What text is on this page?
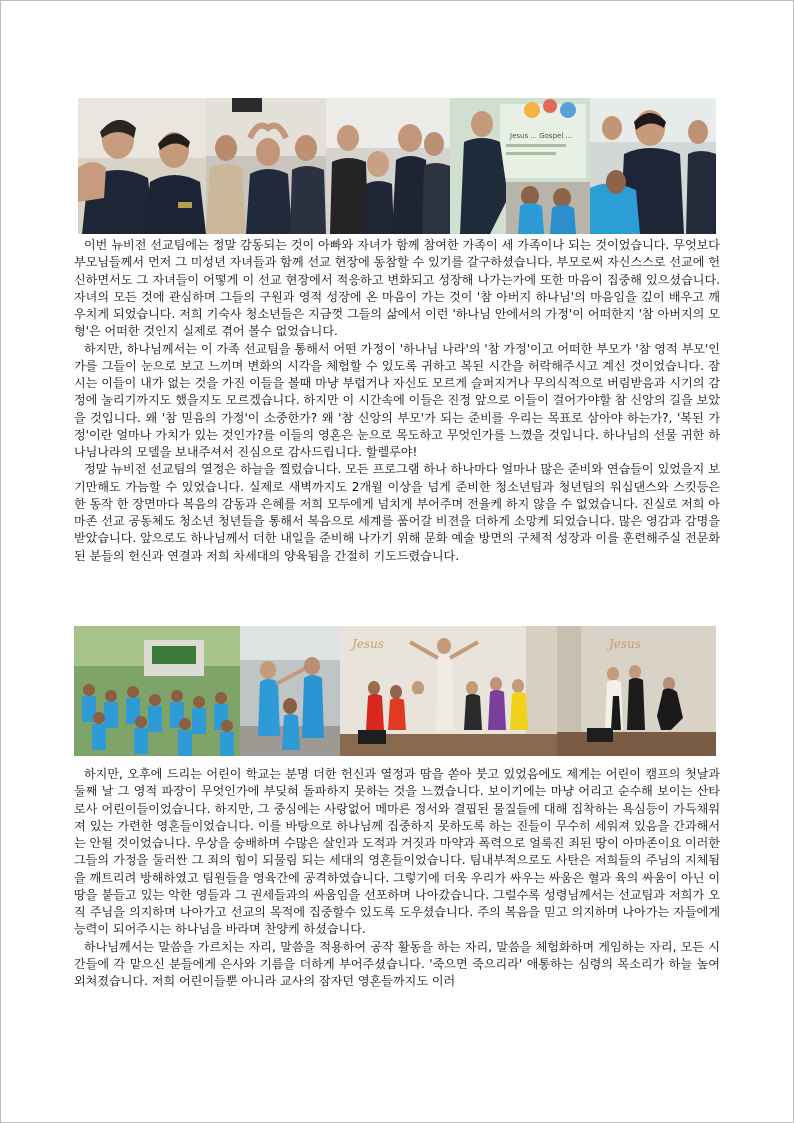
Jesus ... Gospel ...

이번 뉴비전 선교팀에는 정말 감동되는 것이 아빠와 자녀가 함께 참여한 가족이 세 가족이나 되는 것이었습니다. 무엇보다 부모님들께서 먼저 그 미성년 자녀들과 함께 선교 현장에 동참할 수 있기를 갈구하셨습니다. 부모로써 자신스스로 선교에 헌신하면서도 그 자녀들이 어떻게 이 선교 현장에서 적응하고 변화되고 성장해 나가는가에 또한 마음이 집중해 있으셨습니다. 자녀의 모든 것에 관심하며 그들의 구원과 영적 성장에 온 마음이 가는 것이 '참 아버지 하나님'의 마음임을 깊이 배우고 깨우치게 되었습니다. 저희 기숙사 청소년들은 지금껏 그들의 삶에서 이런 '하나님 안에서의 가정'이 어떠한지 '참 아버지의 모형'은 어떠한 것인지 실제로 겪어 볼수 없었습니다.

하지만, 하나님께서는 이 가족 선교팀을 통해서 어떤 가정이 '하나님 나라'의 '참 가정'이고 어떠한 부모가 '참 영적 부모'인가를 그들이 눈으로 보고 느끼며 변화의 시각을 체험할 수 있도록 귀하고 복된 시간을 허락해주시고 계신 것이었습니다. 잠시는 이들이 내가 없는 것을 가진 이들을 볼때 마냥 부럽거나 자신도 모르게 슬퍼지거나 무의식적으로 버림받음과 시기의 감정에 눌리기까지도 했을지도 모르겠습니다. 하지만 이 시간속에 이들은 진정 앞으로 이들이 걸어가야할 참 신앙의 길을 보았을 것입니다. 왜 '참 믿음의 가정'이 소중한가? 왜 '참 신앙의 부모'가 되는 준비를 우리는 목표로 삼아야 하는가?, '복된 가정'이란 얼마나 가치가 있는 것인가?를 이들의 영혼은 눈으로 목도하고 무엇인가를 느꼈을 것입니다. 하나님의 선물 귀한 하나님나라의 모델을 보내주셔서 진심으로 감사드립니다. 할렐루야!

정말 뉴비전 선교팀의 열정은 하늘을 찔렀습니다. 모든 프로그램 하나 하나마다 얼마나 많은 준비와 연습들이 있었을지 보기만해도 가늠할 수 있었습니다. 실제로 새벽까지도 2개월 이상을 넘게 준비한 청소년팀과 청년팀의 워십댄스와 스킷등은 한 동작 한 장면마다 복음의 감동과 은혜를 저희 모두에게 넘치게 부어주며 전율케 하지 않을 수 없었습니다. 진실로 저희 아마존 선교 공동체도 청소년 청년들을 통해서 복음으로 세계를 품어갈 비젼을 더하게 소망케 되었습니다. 많은 영감과 감명을 받았습니다. 앞으로도 하나님께서 더한 내일을 준비해 나가기 위해 문화 예술 방면의 구체적 성장과 이를 훈련해주실 전문화된 분들의 헌신과 연결과 저희 차세대의 양육됨을 간절히 기도드렸습니다.

Jesus	Jesus

하지만, 오후에 드리는 어린이 학교는 분명 더한 헌신과 열정과 땀을 쏟아 붓고 있었음에도 제게는 어린이 캠프의 첫날과 둘째 날 그 영적 파장이 무엇인가에 부딪혀 돌파하지 못하는 것을 느꼈습니다. 보이기에는 마냥 어리고 순수해 보이는 산타로사 어린이들이었습니다. 하지만, 그 중심에는 사랑없어 메마른 정서와 결핍된 물질들에 대해 집착하는 욕심등이 가득채워져 있는 가련한 영혼들이었습니다. 이를 바탕으로 하나님께 집중하지 못하도록 하는 진들이 무수히 세워져 있음을 간과해서는 안될 것이었습니다. 우상을 숭배하며 수많은 살인과 도적과 거짓과 마약과 폭력으로 얼룩진 죄된 땅이 아마존이요 이러한 그들의 가정을 둘러싼 그 죄의 힘이 되물림 되는 세대의 영혼들이었습니다. 팀내부적으로도 사탄은 저희들의 주님의 지체됨을 깨트리려 방해하였고 팀원들을 영육간에 공격하였습니다. 그렇기에 더욱 우리가 싸우는 싸움은 혈과 육의 싸움이 아닌 이 땅을 붙들고 있는 악한 영들과 그 권세들과의 싸움임을 선포하며 나아갔습니다. 그럴수록 성령님께서는 선교팀과 저희가 오직 주님을 의지하며 나아가고 선교의 목적에 집중할수 있도록 도우셨습니다. 주의 복음을 믿고 의지하며 나아가는 자들에게 능력이 되어주시는 하나님을 바라며 찬양케 하셨습니다.

하나님께서는 말씀을 가르치는 자리, 말씀을 적용하여 공작 활동을 하는 자리, 말씀을 체험화하며 게임하는 자리, 모든 시간들에 각 맡으신 분들에게 은사와 기름을 더하게 부어주셨습니다. '죽으면 죽으리라' 애통하는 심령의 목소리가 하늘 높여 외쳐졌습니다. 저희 어린이들뿐 아니라 교사의 잠자던 영혼들까지도 이러
